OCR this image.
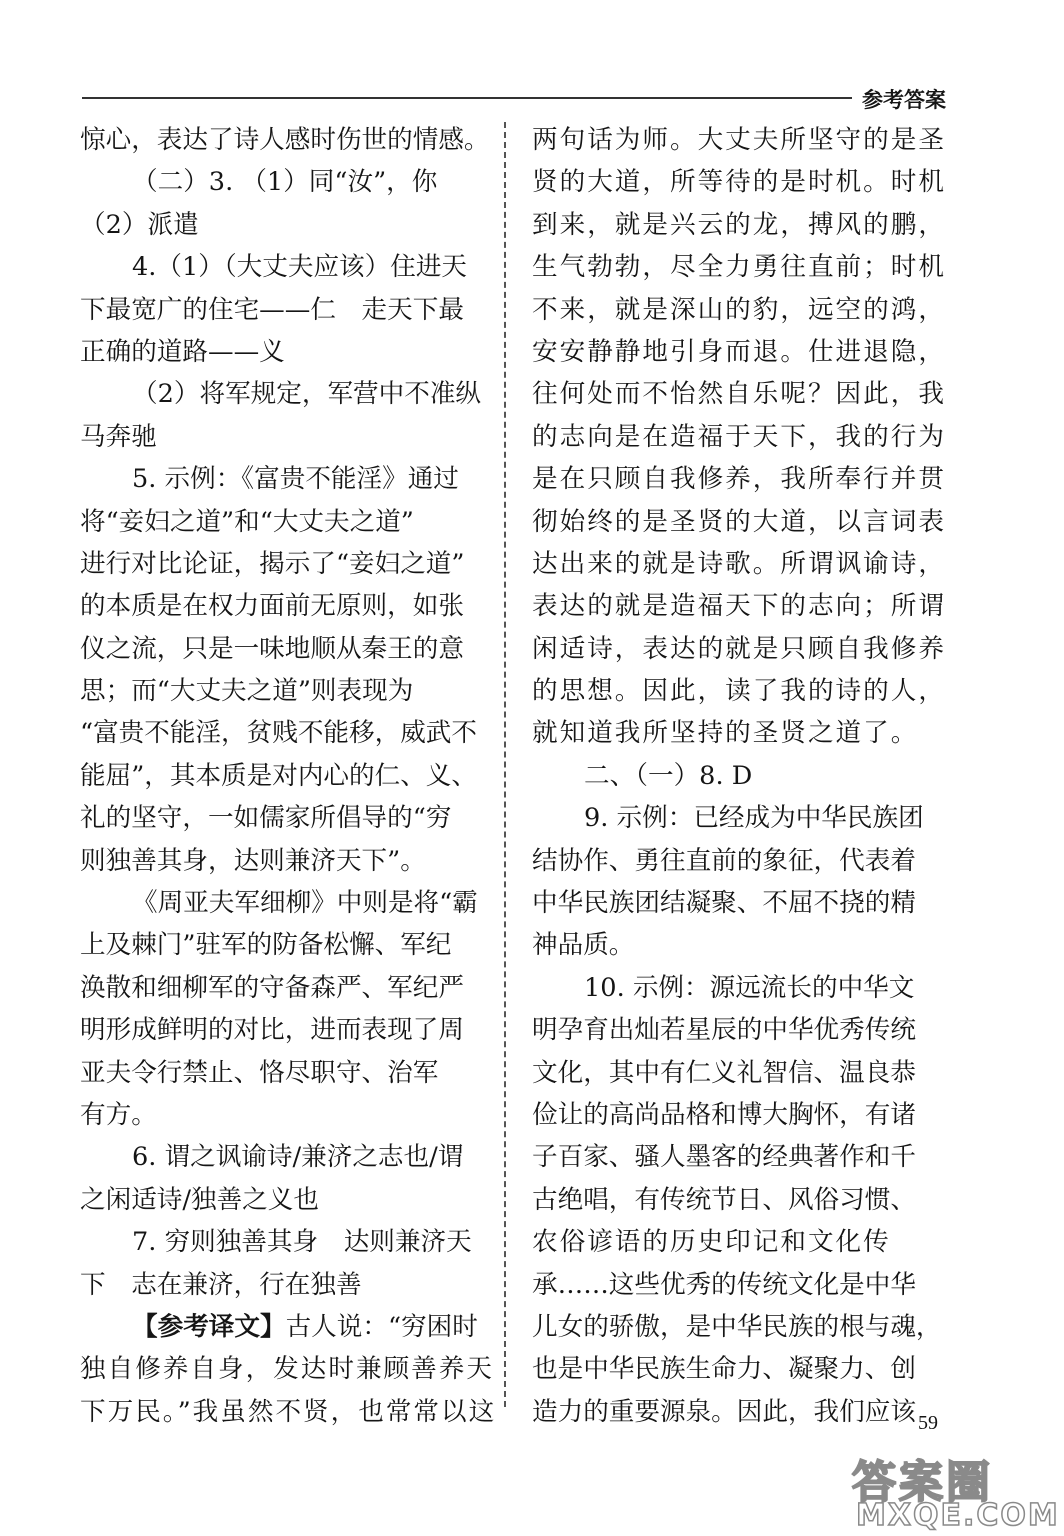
参考答案
惊心，表达了诗人感时伤世的情感。
（二）3. （1）同“汝”，你
（2）派遣
4.（1）（大丈夫应该）住进天
下最宽广的住宅——仁　走天下最
正确的道路——义
（2）将军规定，军营中不准纵
马奔驰
5. 示例：《富贵不能淫》通过
将“妾妇之道”和“大丈夫之道”
进行对比论证，揭示了“妾妇之道”
的本质是在权力面前无原则，如张
仪之流，只是一味地顺从秦王的意
思；而“大丈夫之道”则表现为
“富贵不能淫，贫贱不能移，威武不
能屈”，其本质是对内心的仁、义、
礼的坚守，一如儒家所倡导的“穷
则独善其身，达则兼济天下”。
《周亚夫军细柳》中则是将“霸
上及棘门”驻军的防备松懈、军纪
涣散和细柳军的守备森严、军纪严
明形成鲜明的对比，进而表现了周
亚夫令行禁止、恪尽职守、治军
有方。
6. 谓之讽谕诗/兼济之志也/谓
之闲适诗/独善之义也
7. 穷则独善其身　达则兼济天
下　志在兼济，行在独善
【参考译文】古人说：“穷困时
独自修养自身，发达时兼顾善养天
下万民。”我虽然不贤，也常常以这
两句话为师。大丈夫所坚守的是圣
贤的大道，所等待的是时机。时机
到来，就是兴云的龙，搏风的鹏，
生气勃勃，尽全力勇往直前；时机
不来，就是深山的豹，远空的鸿，
安安静静地引身而退。仕进退隐，
往何处而不怡然自乐呢？因此，我
的志向是在造福于天下，我的行为
是在只顾自我修养，我所奉行并贯
彻始终的是圣贤的大道，以言词表
达出来的就是诗歌。所谓讽谕诗，
表达的就是造福天下的志向；所谓
闲适诗，表达的就是只顾自我修养
的思想。因此，读了我的诗的人，
就知道我所坚持的圣贤之道了。
二、（一）8. D
9. 示例：已经成为中华民族团
结协作、勇往直前的象征，代表着
中华民族团结凝聚、不屈不挠的精
神品质。
10. 示例：源远流长的中华文
明孕育出灿若星辰的中华优秀传统
文化，其中有仁义礼智信、温良恭
俭让的高尚品格和博大胸怀，有诸
子百家、骚人墨客的经典著作和千
古绝唱，有传统节日、风俗习惯、
农俗谚语的历史印记和文化传
承……这些优秀的传统文化是中华
儿女的骄傲，是中华民族的根与魂，
也是中华民族生命力、凝聚力、创
造力的重要源泉。因此，我们应该 59
答案圈
MXQE.COM
